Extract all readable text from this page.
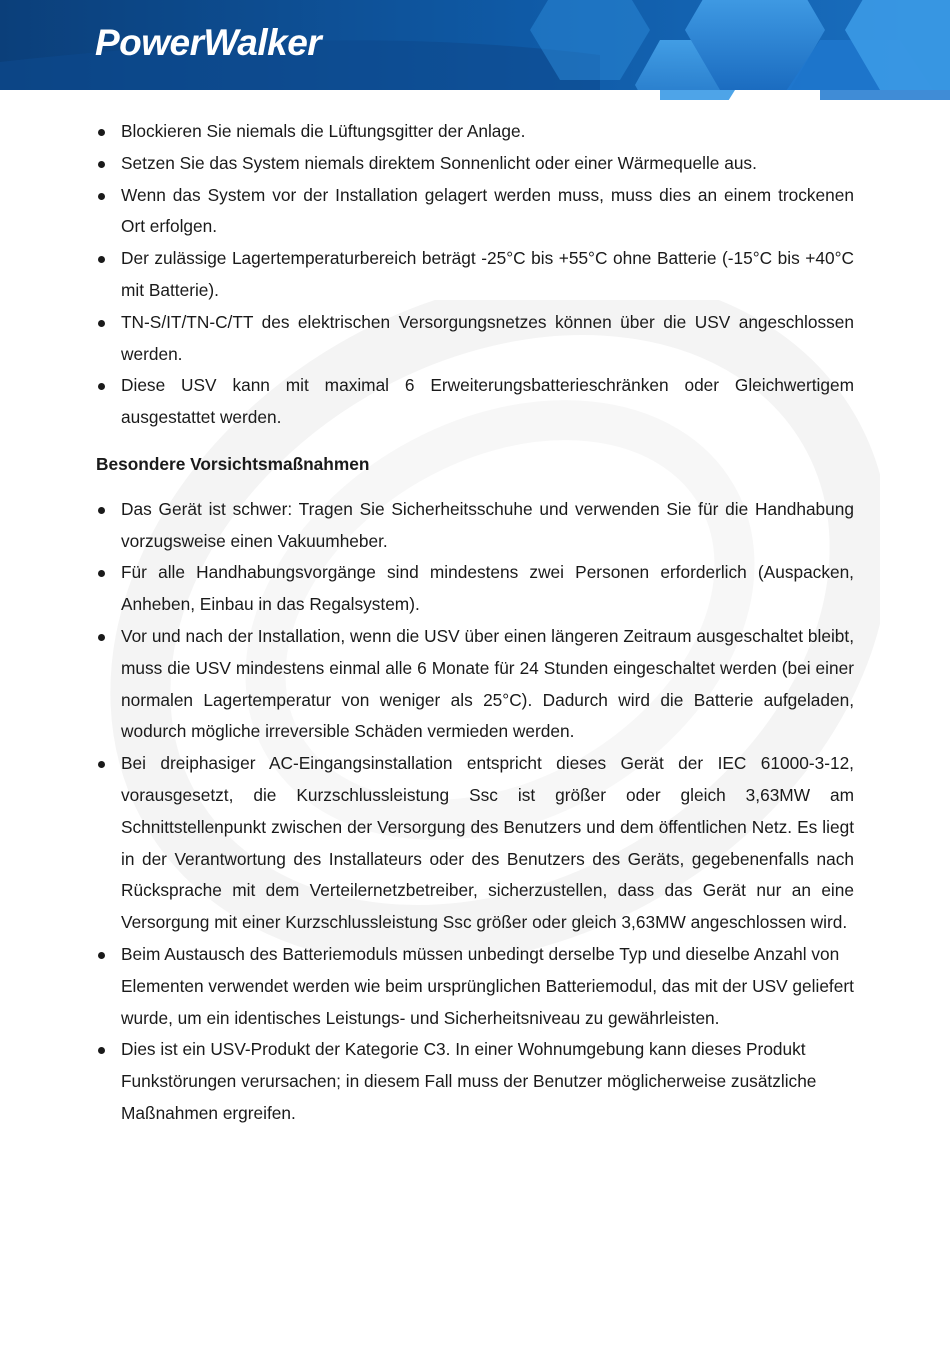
PowerWalker
Blockieren Sie niemals die Lüftungsgitter der Anlage.
Setzen Sie das System niemals direktem Sonnenlicht oder einer Wärmequelle aus.
Wenn das System vor der Installation gelagert werden muss, muss dies an einem trockenen Ort erfolgen.
Der zulässige Lagertemperaturbereich beträgt -25°C bis +55°C ohne Batterie (-15°C bis +40°C mit Batterie).
TN-S/IT/TN-C/TT des elektrischen Versorgungsnetzes können über die USV angeschlossen werden.
Diese USV kann mit maximal 6 Erweiterungsbatterieschränken oder Gleichwertigem ausgestattet werden.
Besondere Vorsichtsmaßnahmen
Das Gerät ist schwer: Tragen Sie Sicherheitsschuhe und verwenden Sie für die Handhabung vorzugsweise einen Vakuumheber.
Für alle Handhabungsvorgänge sind mindestens zwei Personen erforderlich (Auspacken, Anheben, Einbau in das Regalsystem).
Vor und nach der Installation, wenn die USV über einen längeren Zeitraum ausgeschaltet bleibt, muss die USV mindestens einmal alle 6 Monate für 24 Stunden eingeschaltet werden (bei einer normalen Lagertemperatur von weniger als 25°C). Dadurch wird die Batterie aufgeladen, wodurch mögliche irreversible Schäden vermieden werden.
Bei dreiphasiger AC-Eingangsinstallation entspricht dieses Gerät der IEC 61000-3-12, vorausgesetzt, die Kurzschlussleistung Ssc ist größer oder gleich 3,63MW am Schnittstellenpunkt zwischen der Versorgung des Benutzers und dem öffentlichen Netz. Es liegt in der Verantwortung des Installateurs oder des Benutzers des Geräts, gegebenenfalls nach Rücksprache mit dem Verteilernetzbetreiber, sicherzustellen, dass das Gerät nur an eine Versorgung mit einer Kurzschlussleistung Ssc größer oder gleich 3,63MW angeschlossen wird.
Beim Austausch des Batteriemoduls müssen unbedingt derselbe Typ und dieselbe Anzahl von Elementen verwendet werden wie beim ursprünglichen Batteriemodul, das mit der USV geliefert wurde, um ein identisches Leistungs- und Sicherheitsniveau zu gewährleisten.
Dies ist ein USV-Produkt der Kategorie C3. In einer Wohnumgebung kann dieses Produkt Funkstörungen verursachen; in diesem Fall muss der Benutzer möglicherweise zusätzliche Maßnahmen ergreifen.
